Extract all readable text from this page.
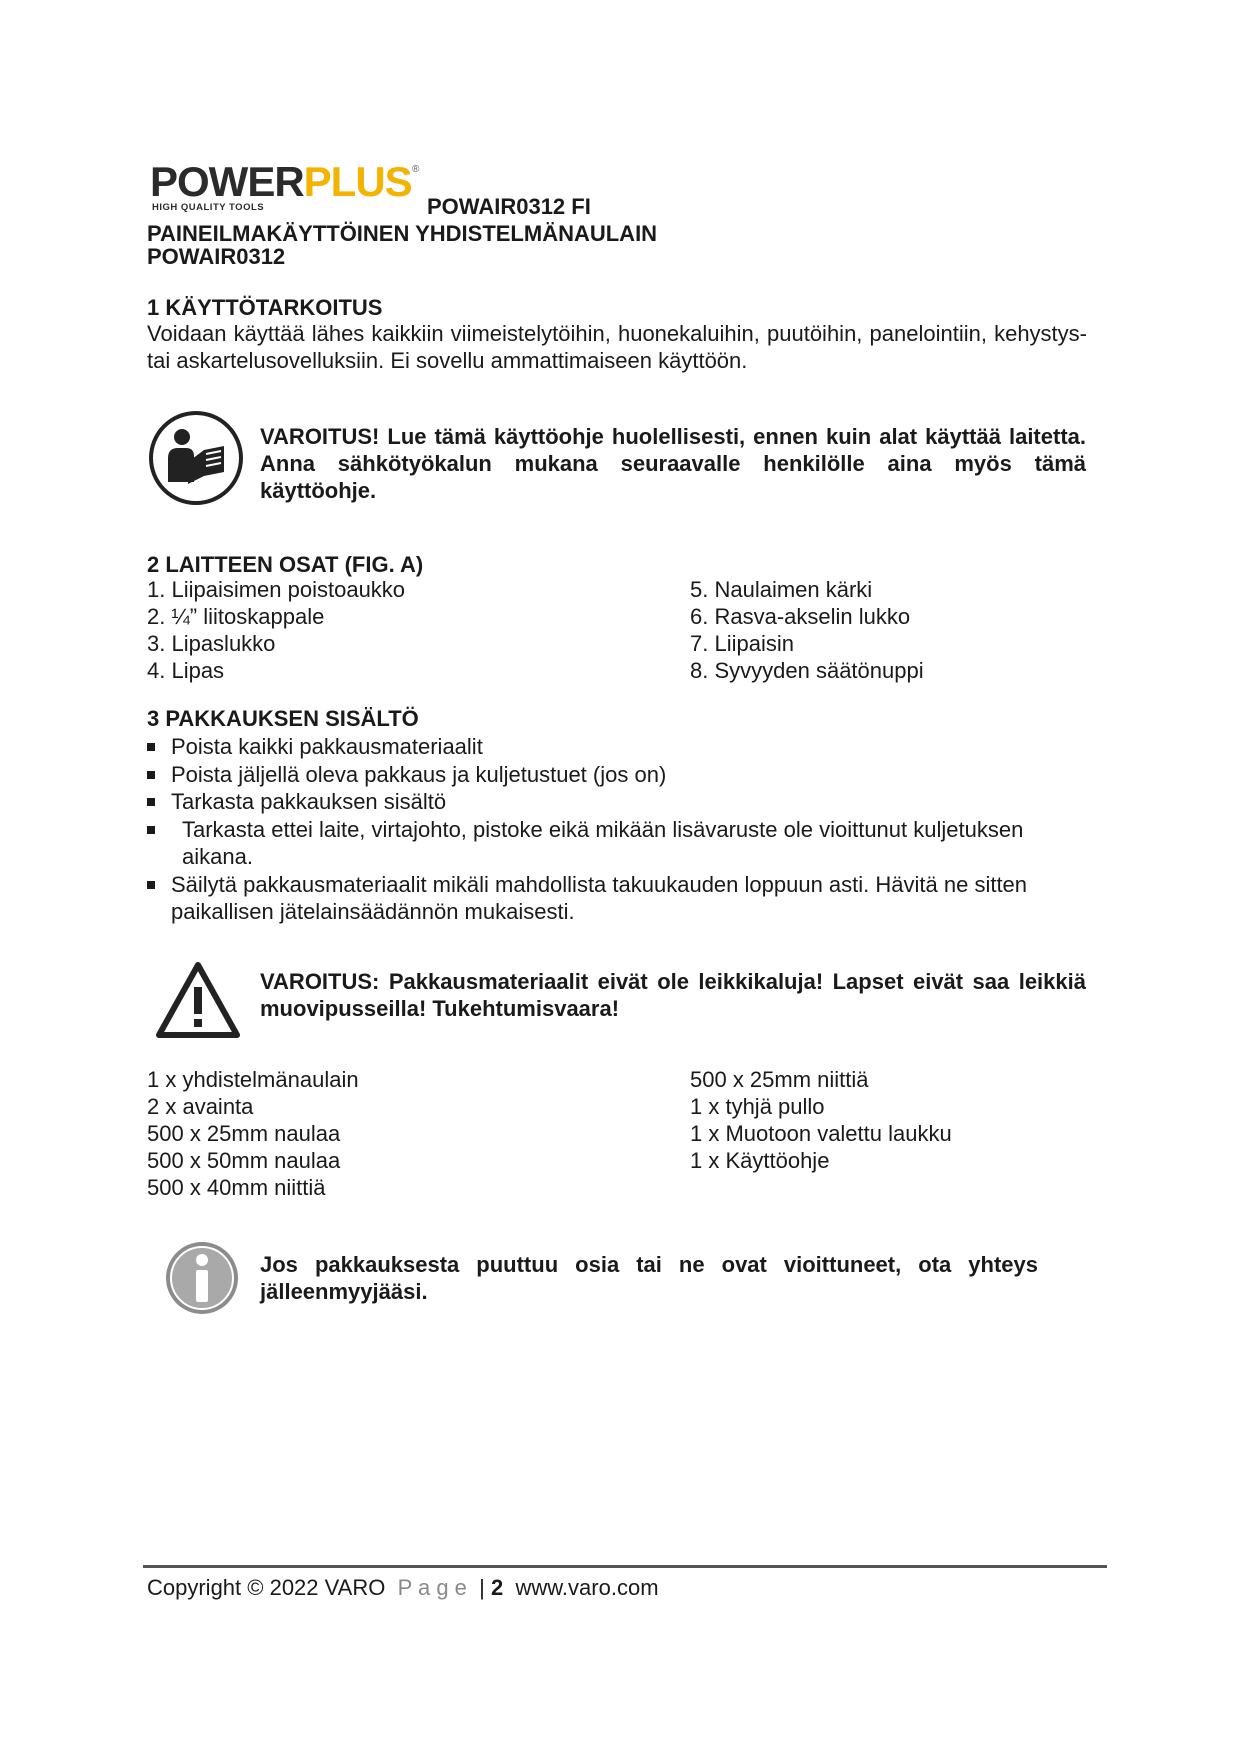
POWERPLUS ®
HIGH QUALITY TOOLS	POWAIR0312 FI
PAINEILMAKÄYTTÖINEN YHDISTELMÄNAULAIN
POWAIR0312
1 KÄYTTÖTARKOITUS
Voidaan käyttää lähes kaikkiin viimeistelytöihin, huonekaluihin, puutöihin, panelointiin, kehystys- tai askartelusovelluksiin. Ei sovellu ammattimaiseen käyttöön.
VAROITUS! Lue tämä käyttöohje huolellisesti, ennen kuin alat käyttää laitetta. Anna sähkötyökalun mukana seuraavalle henkilölle aina myös tämä käyttöohje.
2 LAITTEEN OSAT (FIG. A)
1. Liipaisimen poistoaukko
2. ¼” liitoskappale
3. Lipaslukko
4. Lipas
5. Naulaimen kärki
6. Rasva-akselin lukko
7. Liipaisin
8. Syvyyden säätönuppi
3 PAKKAUKSEN SISÄLTÖ
Poista kaikki pakkausmateriaalit
Poista jäljellä oleva pakkaus ja kuljetustuet (jos on)
Tarkasta pakkauksen sisältö
Tarkasta ettei laite, virtajohto, pistoke eikä mikään lisävaruste ole vioittunut kuljetuksen aikana.
Säilytä pakkausmateriaalit mikäli mahdollista takuukauden loppuun asti. Hävitä ne sitten paikallisen jätelainsäädännön mukaisesti.
VAROITUS: Pakkausmateriaalit eivät ole leikkikaluja! Lapset eivät saa leikkiä muovipusseilla! Tukehtumisvaara!
1 x yhdistelmänaulain
2 x avainta
500 x 25mm naulaa
500 x 50mm naulaa
500 x 40mm niittiä
500 x 25mm niittiä
1 x tyhjä pullo
1 x Muotoon valettu laukku
1 x Käyttöohje
Jos pakkauksesta puuttuu osia tai ne ovat vioittuneet, ota yhteys jälleenmyyjääsi.
Copyright © 2022 VARO P a g e | 2 www.varo.com
